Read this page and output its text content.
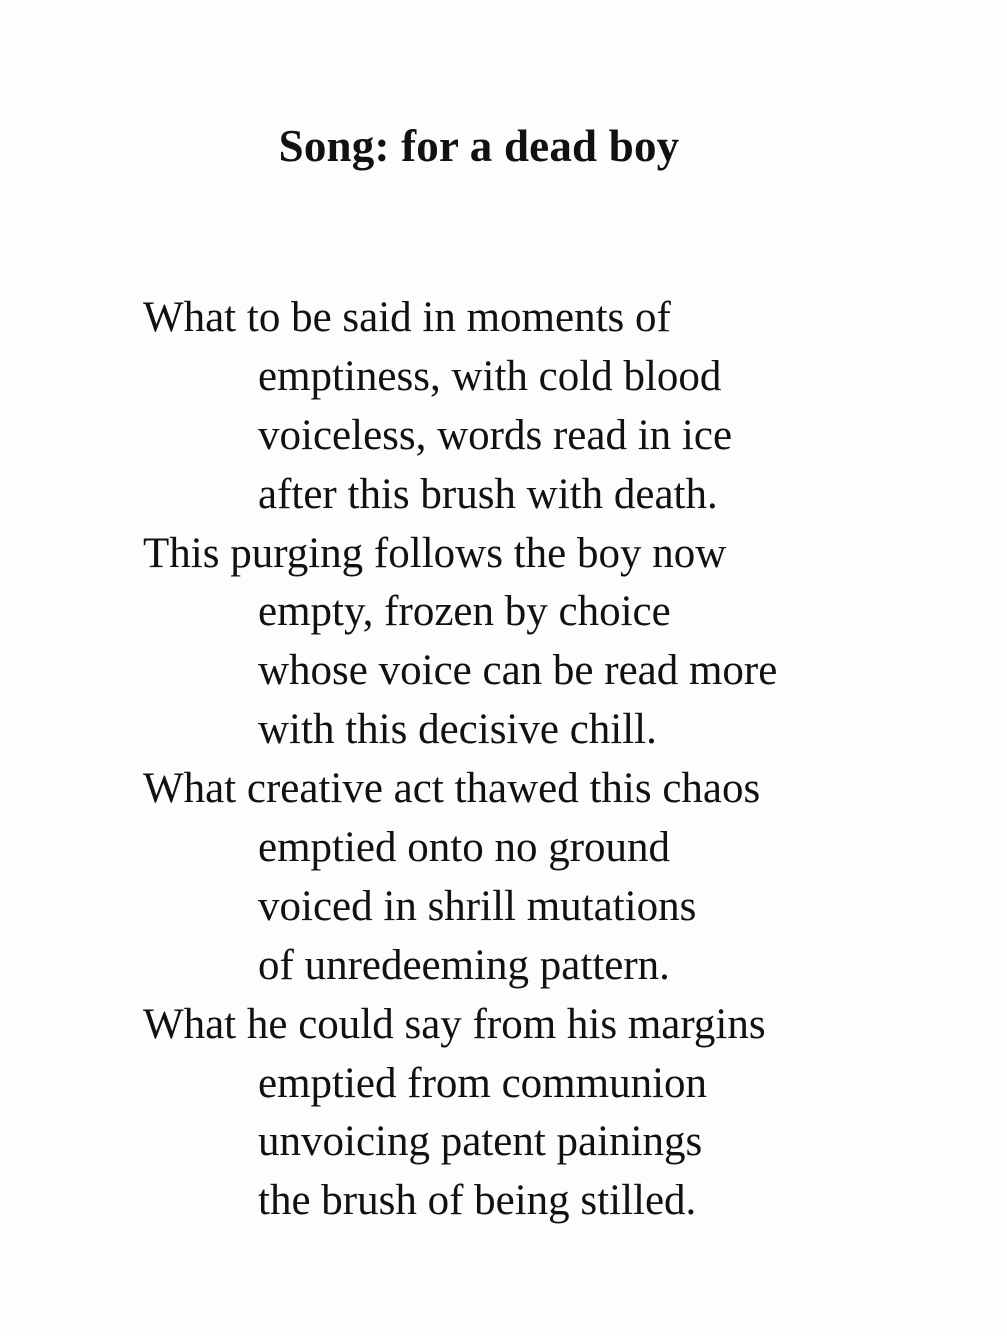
Song: for a dead boy
What to be said in moments of
emptiness, with cold blood
voiceless, words read in ice
after this brush with death.
This purging follows the boy now
empty, frozen by choice
whose voice can be read more
with this decisive chill.
What creative act thawed this chaos
emptied onto no ground
voiced in shrill mutations
of unredeeming pattern.
What he could say from his margins
emptied from communion
unvoicing patent painings
the brush of being stilled.
